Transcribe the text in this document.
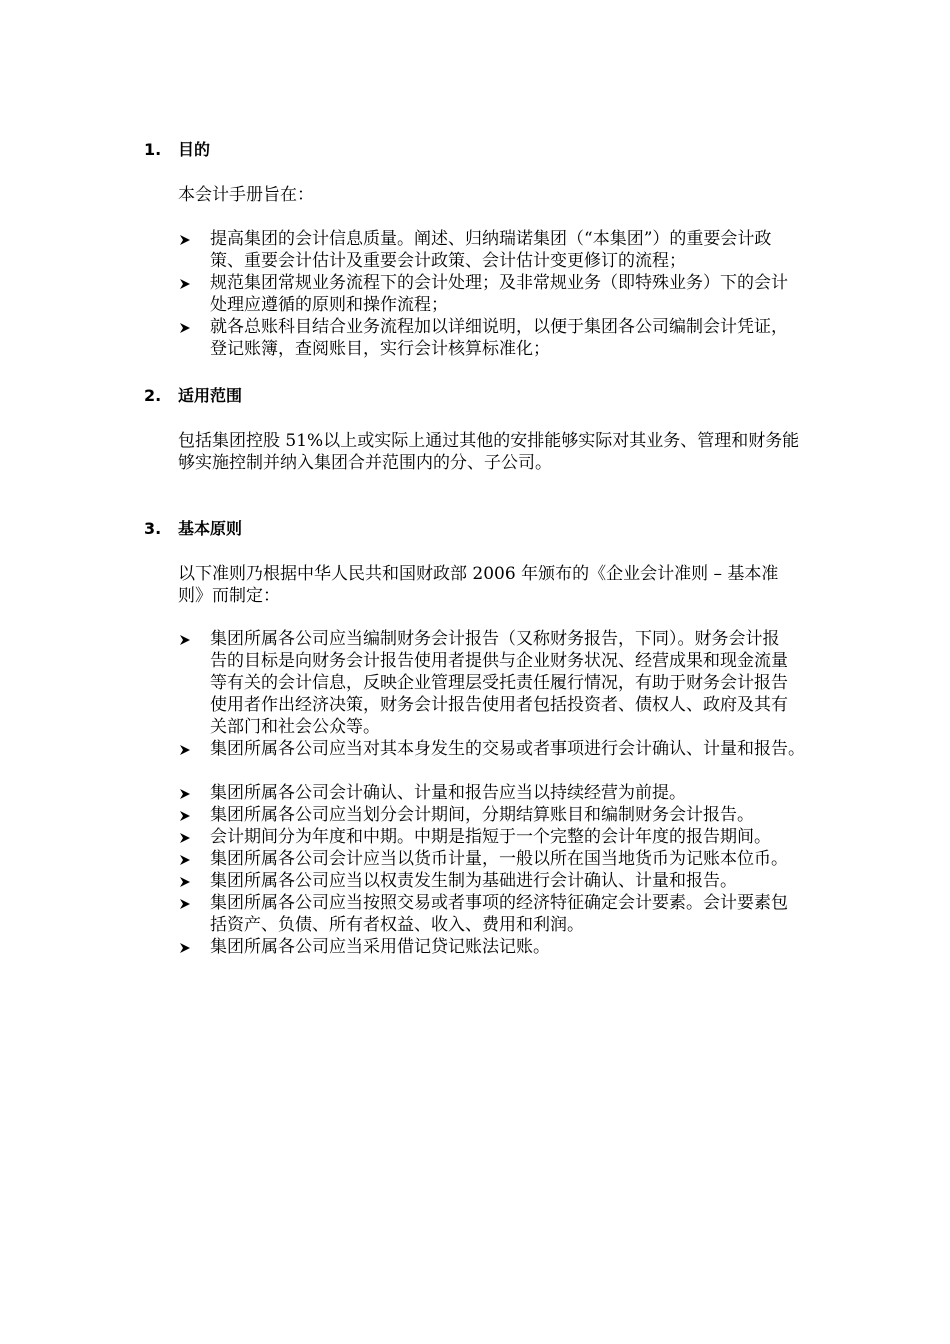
1. 目的
本会计手册旨在：
提高集团的会计信息质量。阐述、归纳瑞诺集团（“本集团”）的重要会计政
策、重要会计估计及重要会计政策、会计估计变更修订的流程；
规范集团常规业务流程下的会计处理；及非常规业务（即特殊业务）下的会计
处理应遵循的原则和操作流程；
就各总账科目结合业务流程加以详细说明，以便于集团各公司编制会计凭证，
登记账簿，查阅账目，实行会计核算标准化；
2. 适用范围
包括集团控股 51%以上或实际上通过其他的安排能够实际对其业务、管理和财务能
够实施控制并纳入集团合并范围内的分、子公司。
3. 基本原则
以下准则乃根据中华人民共和国财政部 2006 年颁布的《企业会计准则 – 基本准
则》而制定：
集团所属各公司应当编制财务会计报告（又称财务报告，下同）。财务会计报
告的目标是向财务会计报告使用者提供与企业财务状况、经营成果和现金流量
等有关的会计信息，反映企业管理层受托责任履行情况，有助于财务会计报告
使用者作出经济决策，财务会计报告使用者包括投资者、债权人、政府及其有
关部门和社会公众等。
集团所属各公司应当对其本身发生的交易或者事项进行会计确认、计量和报告。
集团所属各公司会计确认、计量和报告应当以持续经营为前提。
集团所属各公司应当划分会计期间，分期结算账目和编制财务会计报告。
会计期间分为年度和中期。中期是指短于一个完整的会计年度的报告期间。
集团所属各公司会计应当以货币计量，一般以所在国当地货币为记账本位币。
集团所属各公司应当以权责发生制为基础进行会计确认、计量和报告。
集团所属各公司应当按照交易或者事项的经济特征确定会计要素。会计要素包
括资产、负债、所有者权益、收入、费用和利润。
集团所属各公司应当采用借记贷记账法记账。
